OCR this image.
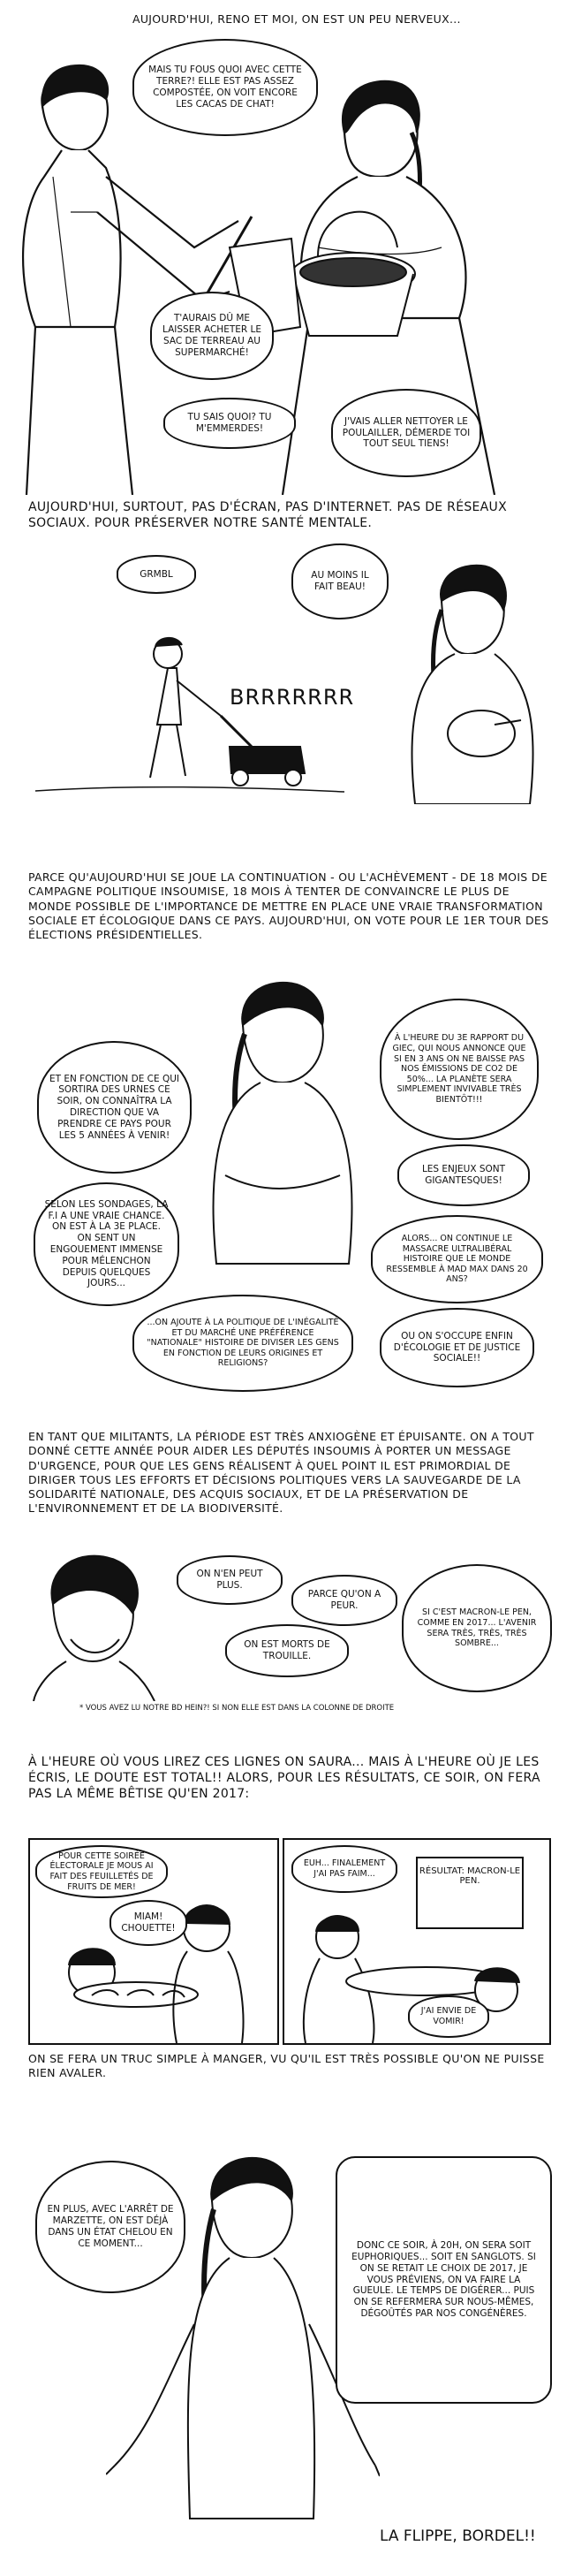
AUJOURD'HUI, RENO ET MOI, ON EST UN PEU NERVEUX...
MAIS TU FOUS QUOI AVEC CETTE TERRE?! ELLE EST PAS ASSEZ COMPOSTÉE, ON VOIT ENCORE LES CACAS DE CHAT!
T'AURAIS DÛ ME LAISSER ACHETER LE SAC DE TERREAU AU SUPERMARCHÉ!
TU SAIS QUOI? TU M'EMMERDES!
J'VAIS ALLER NETTOYER LE POULAILLER, DÉMERDE TOI TOUT SEUL TIENS!
AUJOURD'HUI, SURTOUT, PAS D'ÉCRAN, PAS D'INTERNET. PAS DE RÉSEAUX SOCIAUX. POUR PRÉSERVER NOTRE SANTÉ MENTALE.
GRMBL	AU MOINS IL FAIT BEAU!
BRRRRRRR
PARCE QU'AUJOURD'HUI SE JOUE LA CONTINUATION - OU L'ACHÈVEMENT - DE 18 MOIS DE CAMPAGNE POLITIQUE INSOUMISE, 18 MOIS À TENTER DE CONVAINCRE LE PLUS DE MONDE POSSIBLE DE L'IMPORTANCE DE METTRE EN PLACE UNE VRAIE TRANSFORMATION SOCIALE ET ÉCOLOGIQUE DANS CE PAYS. AUJOURD'HUI, ON VOTE POUR LE 1ER TOUR DES ÉLECTIONS PRÉSIDENTIELLES.
ET EN FONCTION DE CE QUI SORTIRA DES URNES CE SOIR, ON CONNAÎTRA LA DIRECTION QUE VA PRENDRE CE PAYS POUR LES 5 ANNÉES À VENIR!
SELON LES SONDAGES, LA F.I A UNE VRAIE CHANCE. ON EST À LA 3E PLACE. ON SENT UN ENGOUEMENT IMMENSE POUR MÉLENCHON DEPUIS QUELQUES JOURS...
À L'HEURE DU 3E RAPPORT DU GIEC, QUI NOUS ANNONCE QUE SI EN 3 ANS ON NE BAISSE PAS NOS ÉMISSIONS DE CO2 DE 50%... LA PLANÈTE SERA SIMPLEMENT INVIVABLE TRÈS BIENTÔT!!!
LES ENJEUX SONT GIGANTESQUES!
ALORS... ON CONTINUE LE MASSACRE ULTRALIBÉRAL HISTOIRE QUE LE MONDE RESSEMBLE À MAD MAX DANS 20 ANS?
...ON AJOUTE À LA POLITIQUE DE L'INÉGALITÉ ET DU MARCHÉ UNE PRÉFÉRENCE "NATIONALE" HISTOIRE DE DIVISER LES GENS EN FONCTION DE LEURS ORIGINES ET RELIGIONS?
OU ON S'OCCUPE ENFIN D'ÉCOLOGIE ET DE JUSTICE SOCIALE!!
EN TANT QUE MILITANTS, LA PÉRIODE EST TRÈS ANXIOGÈNE ET ÉPUISANTE. ON A TOUT DONNÉ CETTE ANNÉE POUR AIDER LES DÉPUTÉS INSOUMIS À PORTER UN MESSAGE D'URGENCE, POUR QUE LES GENS RÉALISENT À QUEL POINT IL EST PRIMORDIAL DE DIRIGER TOUS LES EFFORTS ET DÉCISIONS POLITIQUES VERS LA SAUVEGARDE DE LA SOLIDARITÉ NATIONALE, DES ACQUIS SOCIAUX, ET DE LA PRÉSERVATION DE L'ENVIRONNEMENT ET DE LA BIODIVERSITÉ.
ON N'EN PEUT PLUS.
PARCE QU'ON A PEUR.
ON EST MORTS DE TROUILLE.
SI C'EST MACRON-LE PEN, COMME EN 2017... L'AVENIR SERA TRÈS, TRÈS, TRÈS SOMBRE...
* VOUS AVEZ LU NOTRE BD HEIN?! SI NON ELLE EST DANS LA COLONNE DE DROITE
À L'HEURE OÙ VOUS LIREZ CES LIGNES ON SAURA... MAIS À L'HEURE OÙ JE LES ÉCRIS, LE DOUTE EST TOTAL!! ALORS, POUR LES RÉSULTATS, CE SOIR, ON FERA PAS LA MÊME BÊTISE QU'EN 2017:
POUR CETTE SOIRÉE ÉLECTORALE JE MOUS AI FAIT DES FEUILLETÉS DE FRUITS DE MER!
MIAM! CHOUETTE!
EUH... FINALEMENT J'AI PAS FAIM...	RÉSULTAT: MACRON-LE PEN.
J'AI ENVIE DE VOMIR!
ON SE FERA UN TRUC SIMPLE À MANGER, VU QU'IL EST TRÈS POSSIBLE QU'ON NE PUISSE RIEN AVALER.
EN PLUS, AVEC L'ARRÊT DE MARZETTE, ON EST DÉJÀ DANS UN ÉTAT CHELOU EN CE MOMENT...	DONC CE SOIR, À 20H, ON SERA SOIT EUPHORIQUES... SOIT EN SANGLOTS. SI ON SE RETAIT LE CHOIX DE 2017, JE VOUS PRÉVIENS, ON VA FAIRE LA GUEULE. LE TEMPS DE DIGÉRER... PUIS ON SE REFERMERA SUR NOUS-MÊMES, DÉGOÛTÉS PAR NOS CONGÉNÈRES.
LA FLIPPE, BORDEL!!
